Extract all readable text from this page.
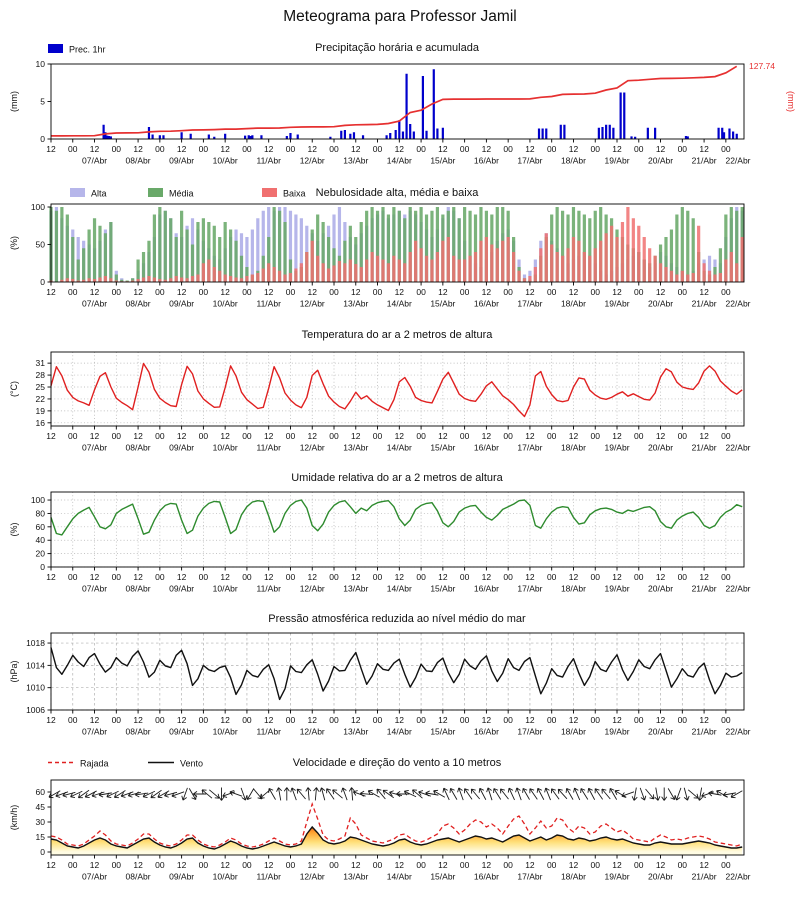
Meteograma para Professor Jamil
Precipitação horária e acumulada
127.74
(mm)
0
5
10
(mm)
12 00 12 00 12 00 12 00 12 00 12 00 12 00 12 00 12 00 12 00 12 00 12 00 12 00 12 00 12 00 12 00
07/Abr 08/Abr 09/Abr 10/Abr 11/Abr 12/Abr 13/Abr 14/Abr 15/Abr 16/Abr 17/Abr 18/Abr 19/Abr 20/Abr 21/Abr 22/Abr
Prec. 1hr
Nebulosidade alta, média e baixa
0
50
100
(%)
12 00 12 00 12 00 12 00 12 00 12 00 12 00 12 00 12 00 12 00 12 00 12 00 12 00 12 00 12 00 12 00
07/Abr 08/Abr 09/Abr 10/Abr 11/Abr 12/Abr 13/Abr 14/Abr 15/Abr 16/Abr 17/Abr 18/Abr 19/Abr 20/Abr 21/Abr 22/Abr
Alta	Média	Baixa
Temperatura do ar a 2 metros de altura
16
19
22
25
28
31
(°C)
12 00 12 00 12 00 12 00 12 00 12 00 12 00 12 00 12 00 12 00 12 00 12 00 12 00 12 00 12 00 12 00
07/Abr 08/Abr 09/Abr 10/Abr 11/Abr 12/Abr 13/Abr 14/Abr 15/Abr 16/Abr 17/Abr 18/Abr 19/Abr 20/Abr 21/Abr 22/Abr
Umidade relativa do ar a 2 metros de altura
0
20
40
60
80
100
(%)
12 00 12 00 12 00 12 00 12 00 12 00 12 00 12 00 12 00 12 00 12 00 12 00 12 00 12 00 12 00 12 00
07/Abr 08/Abr 09/Abr 10/Abr 11/Abr 12/Abr 13/Abr 14/Abr 15/Abr 16/Abr 17/Abr 18/Abr 19/Abr 20/Abr 21/Abr 22/Abr
Pressão atmosférica reduzida ao nível médio do mar
1006
1010
1014
1018
(hPa)
12 00 12 00 12 00 12 00 12 00 12 00 12 00 12 00 12 00 12 00 12 00 12 00 12 00 12 00 12 00 12 00
07/Abr 08/Abr 09/Abr 10/Abr 11/Abr 12/Abr 13/Abr 14/Abr 15/Abr 16/Abr 17/Abr 18/Abr 19/Abr 20/Abr 21/Abr 22/Abr
Velocidade e direção do vento a 10 metros
0
15
30
45
60
(km/h)
12 00 12 00 12 00 12 00 12 00 12 00 12 00 12 00 12 00 12 00 12 00 12 00 12 00 12 00 12 00 12 00
07/Abr 08/Abr 09/Abr 10/Abr 11/Abr 12/Abr 13/Abr 14/Abr 15/Abr 16/Abr 17/Abr 18/Abr 19/Abr 20/Abr 21/Abr 22/Abr
Rajada	Vento
